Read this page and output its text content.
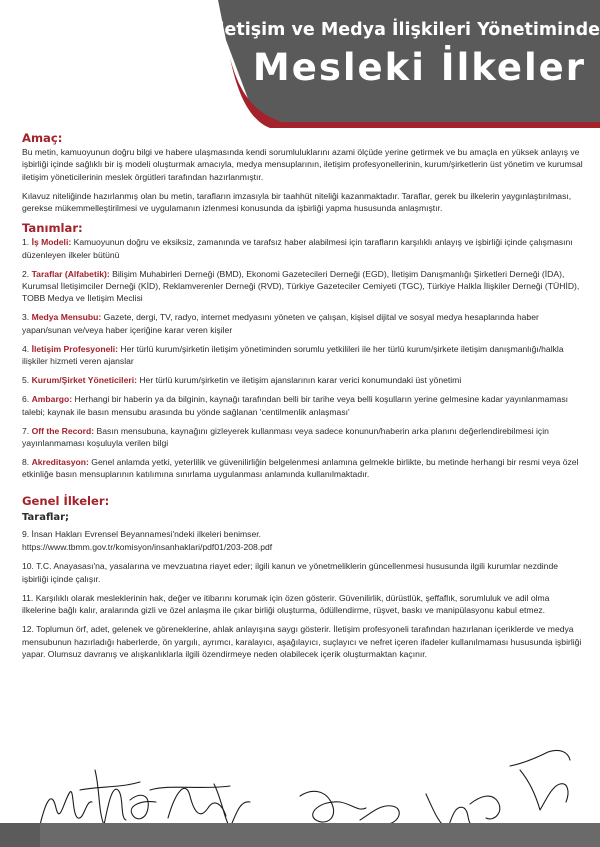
İletişim ve Medya İlişkileri Yönetiminde
Mesleki İlkeler
Amaç:

Bu metin, kamuoyunun doğru bilgi ve habere ulaşmasında kendi sorumluluklarını azami ölçüde yerine getirmek ve bu amaçla en yüksek anlayış ve işbirliği içinde sağlıklı bir iş modeli oluşturmak amacıyla, medya mensuplarının, iletişim profesyonellerinin, kurum/şirketlerin üst yönetim ve kurumsal iletişim yöneticilerinin meslek örgütleri tarafından hazırlanmıştır.

Kılavuz niteliğinde hazırlanmış olan bu metin, tarafların imzasıyla bir taahhüt niteliği kazanmaktadır. Taraflar, gerek bu ilkelerin yaygınlaştırılması, gerekse mükemmelleştirilmesi ve uygulamanın izlenmesi konusunda da işbirliği yapma hususunda anlaşmıştır.

Tanımlar:

1. İş Modeli: Kamuoyunun doğru ve eksiksiz, zamanında ve tarafsız haber alabilmesi için tarafların karşılıklı anlayış ve işbirliği içinde çalışmasını düzenleyen ilkeler bütünü

2. Taraflar (Alfabetik): Bilişim Muhabirleri Derneği (BMD), Ekonomi Gazetecileri Derneği (EGD), İletişim Danışmanlığı Şirketleri Derneği (İDA), Kurumsal İletişimciler Derneği (KİD), Reklamverenler Derneği (RVD), Türkiye Gazeteciler Cemiyeti (TGC), Türkiye Halkla İlişkiler Derneği (TÜHİD), TOBB Medya ve İletişim Meclisi

3. Medya Mensubu: Gazete, dergi, TV, radyo, internet medyasını yöneten ve çalışan, kişisel dijital ve sosyal medya hesaplarında haber yapan/sunan ve/veya haber içeriğine karar veren kişiler

4. İletişim Profesyoneli: Her türlü kurum/şirketin iletişim yönetiminden sorumlu yetkilileri ile her türlü kurum/şirkete iletişim danışmanlığı/halkla ilişkiler hizmeti veren ajanslar

5. Kurum/Şirket Yöneticileri: Her türlü kurum/şirketin ve iletişim ajanslarının karar verici konumundaki üst yönetimi

6. Ambargo: Herhangi bir haberin ya da bilginin, kaynağı tarafından belli bir tarihe veya belli koşulların yerine gelmesine kadar yayınlanmaması talebi; kaynak ile basın mensubu arasında bu yönde sağlanan 'centilmenlik anlaşması'

7. Off the Record: Basın mensubuna, kaynağını gizleyerek kullanması veya sadece konunun/haberin arka planını değerlendirebilmesi için yayınlanmaması koşuluyla verilen bilgi

8. Akreditasyon: Genel anlamda yetki, yeterlilik ve güvenilirliğin belgelenmesi anlamına gelmekle birlikte, bu metinde herhangi bir resmi veya özel etkinliğe basın mensuplarının katılımına sınırlama uygulanması anlamında kullanılmaktadır.

Genel İlkeler:
Taraflar;

9. İnsan Hakları Evrensel Beyannamesi'ndeki ilkeleri benimser.

https://www.tbmm.gov.tr/komisyon/insanhaklari/pdf01/203-208.pdf

10. T.C. Anayasası'na, yasalarına ve mevzuatına riayet eder; ilgili kanun ve yönetmeliklerin güncellenmesi hususunda ilgili kurumlar nezdinde işbirliği içinde çalışır.

11. Karşılıklı olarak mesleklerinin hak, değer ve itibarını korumak için özen gösterir. Güvenilirlik, dürüstlük, şeffaflık, sorumluluk ve adil olma ilkelerine bağlı kalır, aralarında gizli ve özel anlaşma ile çıkar birliği oluşturma, ödüllendirme, rüşvet, baskı ve manipülasyonu kabul etmez.

12. Toplumun örf, adet, gelenek ve göreneklerine, ahlak anlayışına saygı gösterir. İletişim profesyoneli tarafından hazırlanan içeriklerde ve medya mensubunun hazırladığı haberlerde, ön yargılı, ayrımcı, karalayıcı, aşağılayıcı, suçlayıcı ve nefret içeren ifadeler kullanılmaması hususunda işbirliği yapar. Olumsuz davranış ve alışkanlıklarla ilgili özendirmeye neden olabilecek içerik oluşturmaktan kaçınır.
